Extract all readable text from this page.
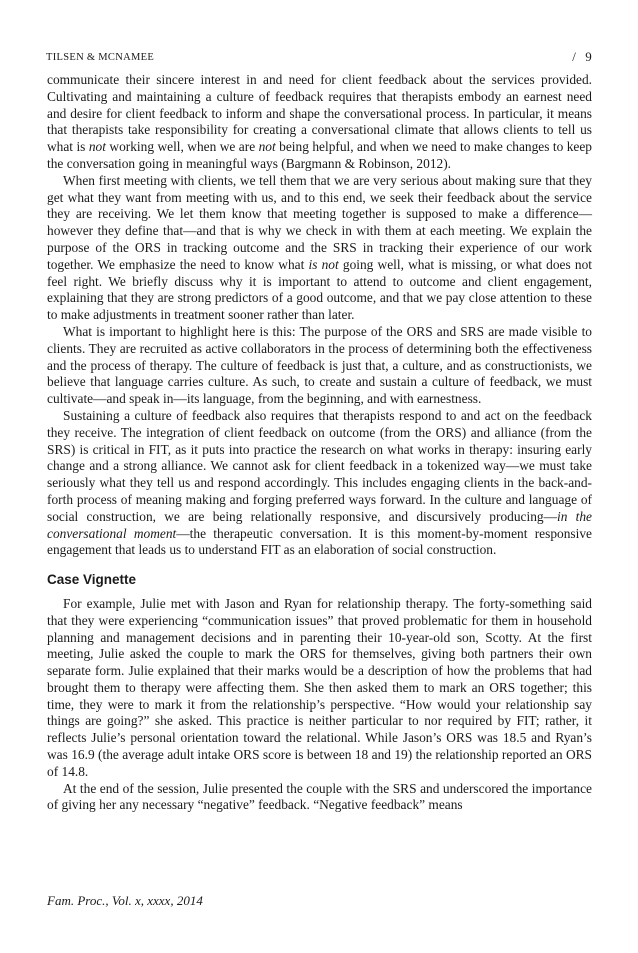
TILSEN & MCNAMEE	/ 9

communicate their sincere interest in and need for client feedback about the services provided. Cultivating and maintaining a culture of feedback requires that therapists embody an earnest need and desire for client feedback to inform and shape the conversational process. In particular, it means that therapists take responsibility for creating a conversational climate that allows clients to tell us what is not working well, when we are not being helpful, and when we need to make changes to keep the conversation going in meaningful ways (Bargmann & Robinson, 2012).

When first meeting with clients, we tell them that we are very serious about making sure that they get what they want from meeting with us, and to this end, we seek their feedback about the service they are receiving. We let them know that meeting together is supposed to make a difference—however they define that—and that is why we check in with them at each meeting. We explain the purpose of the ORS in tracking outcome and the SRS in tracking their experience of our work together. We emphasize the need to know what is not going well, what is missing, or what does not feel right. We briefly discuss why it is important to attend to outcome and client engagement, explaining that they are strong predictors of a good outcome, and that we pay close attention to these to make adjustments in treatment sooner rather than later.

What is important to highlight here is this: The purpose of the ORS and SRS are made visible to clients. They are recruited as active collaborators in the process of determining both the effectiveness and the process of therapy. The culture of feedback is just that, a culture, and as constructionists, we believe that language carries culture. As such, to create and sustain a culture of feedback, we must cultivate—and speak in—its language, from the beginning, and with earnestness.

Sustaining a culture of feedback also requires that therapists respond to and act on the feedback they receive. The integration of client feedback on outcome (from the ORS) and alliance (from the SRS) is critical in FIT, as it puts into practice the research on what works in therapy: insuring early change and a strong alliance. We cannot ask for client feedback in a tokenized way—we must take seriously what they tell us and respond accordingly. This includes engaging clients in the back-and-forth process of meaning making and forging preferred ways forward. In the culture and language of social construction, we are being relationally responsive, and discursively producing—in the conversational moment—the therapeutic conversation. It is this moment-by-moment responsive engagement that leads us to understand FIT as an elaboration of social construction.

Case Vignette

For example, Julie met with Jason and Ryan for relationship therapy. The forty-something said that they were experiencing “communication issues” that proved problematic for them in household planning and management decisions and in parenting their 10-year-old son, Scotty. At the first meeting, Julie asked the couple to mark the ORS for themselves, giving both partners their own separate form. Julie explained that their marks would be a description of how the problems that had brought them to therapy were affecting them. She then asked them to mark an ORS together; this time, they were to mark it from the relationship’s perspective. “How would your relationship say things are going?” she asked. This practice is neither particular to nor required by FIT; rather, it reflects Julie’s personal orientation toward the relational. While Jason’s ORS was 18.5 and Ryan’s was 16.9 (the average adult intake ORS score is between 18 and 19) the relationship reported an ORS of 14.8.

At the end of the session, Julie presented the couple with the SRS and underscored the importance of giving her any necessary “negative” feedback. “Negative feedback” means

Fam. Proc., Vol. x, xxxx, 2014
